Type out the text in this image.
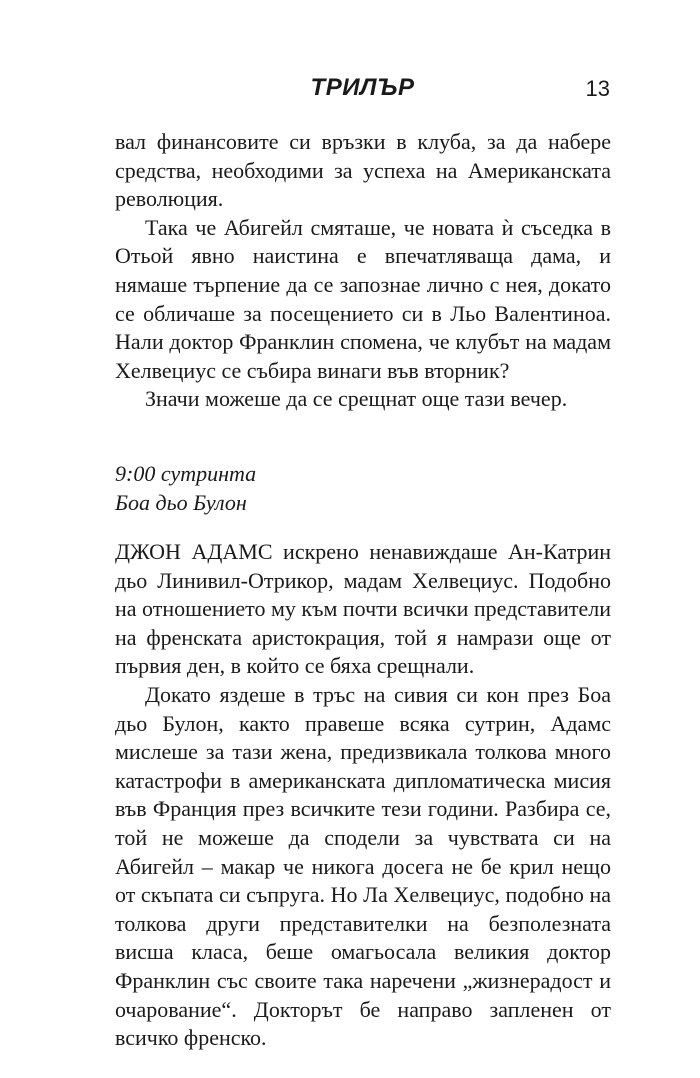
ТРИЛЪР	13

вал финансовите си връзки в клуба, за да набере средства, необходими за успеха на Американската революция.

Така че Абигейл смяташе, че новата ѝ съседка в Отьой явно наистина е впечатляваща дама, и нямаше търпение да се запознае лично с нея, докато се обличаше за посещението си в Льо Валентиноа. Нали доктор Франклин спомена, че клубът на мадам Хелвециус се събира винаги във вторник?

Значи можеше да се срещнат още тази вечер.

9:00 сутринта
Боа дьо Булон

ДЖОН АДАМС искрено ненавиждаше Ан-Катрин дьо Линивил-Отрикор, мадам Хелвециус. Подобно на отношението му към почти всички представители на френската аристокрация, той я намрази още от първия ден, в който се бяха срещнали.

Докато яздеше в тръс на сивия си кон през Боа дьо Булон, както правеше всяка сутрин, Адамс мислеше за тази жена, предизвикала толкова много катастрофи в американската дипломатическа мисия във Франция през всичките тези години. Разбира се, той не можеше да сподели за чувствата си на Абигейл – макар че никога досега не бе крил нещо от скъпата си съпруга. Но Ла Хелвециус, подобно на толкова други представителки на безполезната висша класа, беше омагьосала великия доктор Франклин със своите така наречени „жизнерадост и очарование“. Докторът бе направо запленен от всичко френско.
